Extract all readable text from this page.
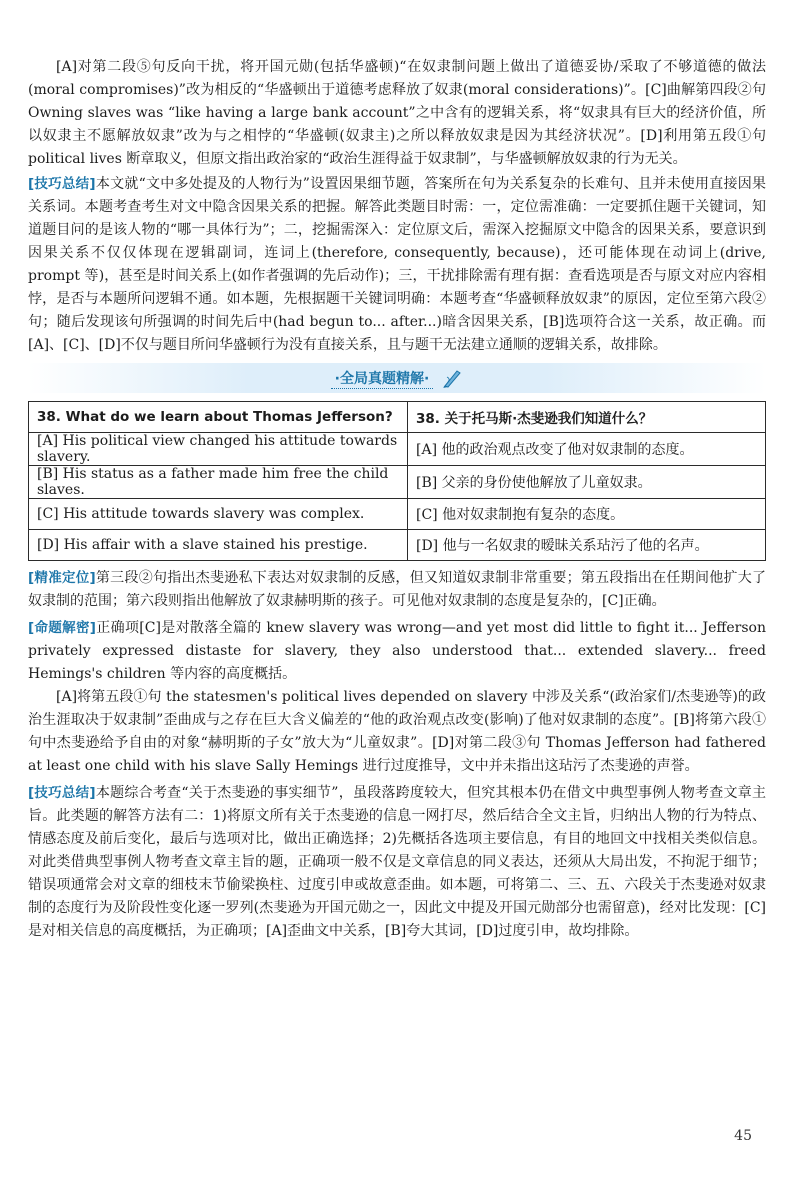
[A]对第二段⑤句反向干扰，将开国元勋(包括华盛顿)“在奴隶制问题上做出了道德妥协/采取了不够道德的做法(moral compromises)”改为相反的“华盛顿出于道德考虑释放了奴隶(moral considerations)”。[C]曲解第四段②句 Owning slaves was “like having a large bank account”之中含有的逻辑关系，将“奴隶具有巨大的经济价值，所以奴隶主不愿解放奴隶”改为与之相悖的“华盛顿(奴隶主)之所以释放奴隶是因为其经济状况”。[D]利用第五段①句 political lives 断章取义，但原文指出政治家的“政治生涯得益于奴隶制”，与华盛顿解放奴隶的行为无关。

[技巧总结]本文就“文中多处提及的人物行为”设置因果细节题，答案所在句为关系复杂的长难句、且并未使用直接因果关系词。本题考查考生对文中隐含因果关系的把握。解答此类题目时需：一，定位需准确：一定要抓住题干关键词，知道题目问的是该人物的“哪一具体行为”；二，挖掘需深入：定位原文后，需深入挖掘原文中隐含的因果关系，要意识到因果关系不仅仅体现在逻辑副词，连词上(therefore, consequently, because)，还可能体现在动词上(drive, prompt 等)，甚至是时间关系上(如作者强调的先后动作)；三，干扰排除需有理有据：查看选项是否与原文对应内容相悖，是否与本题所问逻辑不通。如本题，先根据题干关键词明确：本题考查“华盛顿释放奴隶”的原因，定位至第六段②句；随后发现该句所强调的时间先后中(had begun to... after...)暗含因果关系，[B]选项符合这一关系，故正确。而[A]、[C]、[D]不仅与题目所问华盛顿行为没有直接关系，且与题干无法建立通顺的逻辑关系，故排除。

·全局真题精解·
38. What do we learn about Thomas Jefferson?	38. 关于托马斯·杰斐逊我们知道什么？
[A] His political view changed his attitude towards slavery.	[A] 他的政治观点改变了他对奴隶制的态度。
[B] His status as a father made him free the child slaves.	[B] 父亲的身份使他解放了儿童奴隶。
[C] His attitude towards slavery was complex.	[C] 他对奴隶制抱有复杂的态度。
[D] His affair with a slave stained his prestige.	[D] 他与一名奴隶的暧昧关系玷污了他的名声。

[精准定位]第三段②句指出杰斐逊私下表达对奴隶制的反感，但又知道奴隶制非常重要；第五段指出在任期间他扩大了奴隶制的范围；第六段则指出他解放了奴隶赫明斯的孩子。可见他对奴隶制的态度是复杂的，[C]正确。

[命题解密]正确项[C]是对散落全篇的 knew slavery was wrong—and yet most did little to fight it... Jefferson privately expressed distaste for slavery, they also understood that... extended slavery... freed Hemings's children 等内容的高度概括。

[A]将第五段①句 the statesmen's political lives depended on slavery 中涉及关系“(政治家们/杰斐逊等)的政治生涯取决于奴隶制”歪曲成与之存在巨大含义偏差的“他的政治观点改变(影响)了他对奴隶制的态度”。[B]将第六段①句中杰斐逊给予自由的对象“赫明斯的子女”放大为“儿童奴隶”。[D]对第二段③句 Thomas Jefferson had fathered at least one child with his slave Sally Hemings 进行过度推导，文中并未指出这玷污了杰斐逊的声誉。

[技巧总结]本题综合考查“关于杰斐逊的事实细节”，虽段落跨度较大，但究其根本仍在借文中典型事例人物考查文章主旨。此类题的解答方法有二：1)将原文所有关于杰斐逊的信息一网打尽，然后结合全文主旨，归纳出人物的行为特点、情感态度及前后变化，最后与选项对比，做出正确选择；2)先概括各选项主要信息，有目的地回文中找相关类似信息。对此类借典型事例人物考查文章主旨的题，正确项一般不仅是文章信息的同义表达，还须从大局出发，不拘泥于细节；错误项通常会对文章的细枝末节偷梁换柱、过度引申或故意歪曲。如本题，可将第二、三、五、六段关于杰斐逊对奴隶制的态度行为及阶段性变化逐一罗列(杰斐逊为开国元勋之一，因此文中提及开国元勋部分也需留意)，经对比发现：[C]是对相关信息的高度概括，为正确项；[A]歪曲文中关系，[B]夸大其词，[D]过度引申，故均排除。

45
